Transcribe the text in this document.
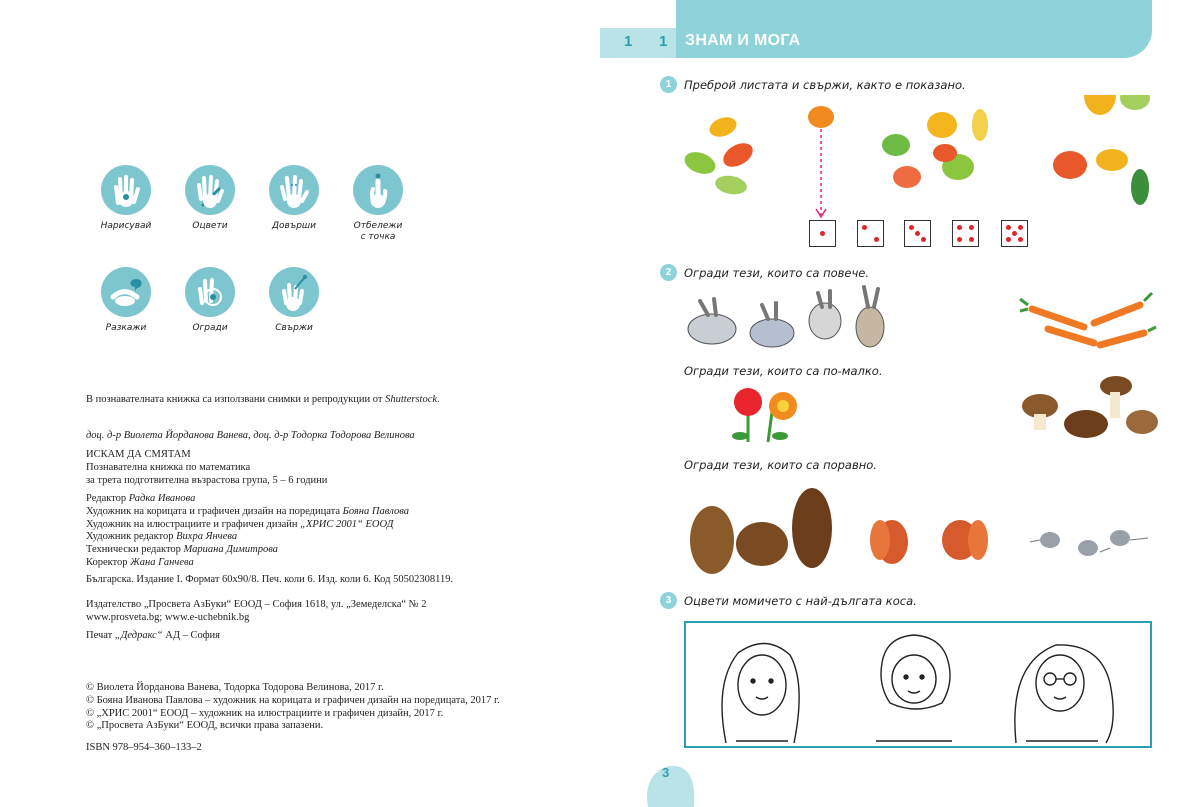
Нарисувай	Оцвети	Довърши	Отбележи
с точка
Разкажи	Огради	Свържи
В познавателната книжка са използвани снимки и репродукции от Shutterstock.
доц. д-р Виолета Йорданова Ванева, доц. д-р Тодорка Тодорова Велинова

ИСКАМ ДА СМЯТАМ

Познавателна книжка по математика

за трета подготвителна възрастова група, 5 – 6 години

Редактор Радка Иванова

Художник на корицата и графичен дизайн на поредицата Бояна Павлова

Художник на илюстрациите и графичен дизайн „ХРИС 2001“ ЕООД

Художник редактор Вихра Янчева

Технически редактор Мариана Димитрова

Коректор Жана Ганчева

Българска. Издание I. Формат 60x90/8. Печ. коли 6. Изд. коли 6. Код 50502308119.

Издателство „Просвета АзБуки“ ЕООД – София 1618, ул. „Земеделска“ № 2

www.prosveta.bg; www.e-uchebnik.bg

Печат „Дедракс“ АД – София

© Виолета Йорданова Ванева, Тодорка Тодорова Велинова, 2017 г.

© Бояна Иванова Павлова – художник на корицата и графичен дизайн на поредицата, 2017 г.

© „ХРИС 2001“ ЕООД – художник на илюстрациите и графичен дизайн, 2017 г.

© „Просвета АзБуки“ ЕООД, всички права запазени.

ISBN 978–954–360–133–2
1 1 ЗНАМ И МОГА
1	Преброй листата и свържи, както е показано.
2	Огради тези, които са повече.
Огради тези, които са по-малко.
Огради тези, които са поравно.
3	Оцвети момичето с най-дългата коса.
3
